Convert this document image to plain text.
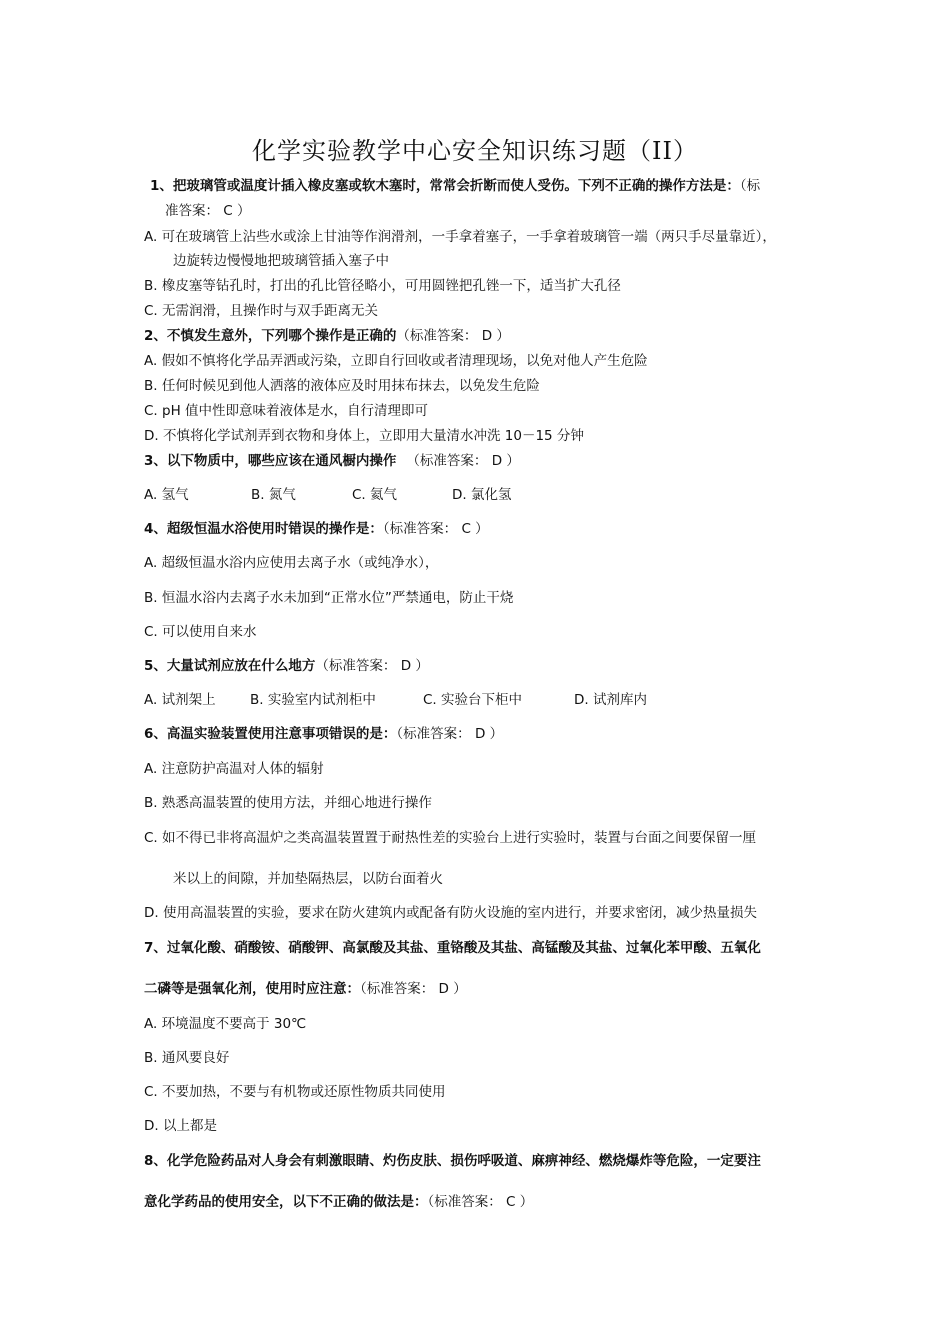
化学实验教学中心安全知识练习题（II）
1、把玻璃管或温度计插入橡皮塞或软木塞时，常常会折断而使人受伤。下列不正确的操作方法是：（标
准答案： C ）
A. 可在玻璃管上沾些水或涂上甘油等作润滑剂，一手拿着塞子，一手拿着玻璃管一端（两只手尽量靠近），
边旋转边慢慢地把玻璃管插入塞子中
B. 橡皮塞等钻孔时，打出的孔比管径略小，可用圆锉把孔锉一下，适当扩大孔径
C. 无需润滑，且操作时与双手距离无关
2、不慎发生意外，下列哪个操作是正确的（标准答案： D ）
A. 假如不慎将化学品弄洒或污染，立即自行回收或者清理现场，以免对他人产生危险
B. 任何时候见到他人洒落的液体应及时用抹布抹去，以免发生危险
C. pH 值中性即意味着液体是水，自行清理即可
D. 不慎将化学试剂弄到衣物和身体上，立即用大量清水冲洗 10－15 分钟
3、以下物质中，哪些应该在通风橱内操作 （标准答案： D ）
A. 氢气	B. 氮气	C. 氦气	D. 氯化氢
4、超级恒温水浴使用时错误的操作是：（标准答案： C ）
A. 超级恒温水浴内应使用去离子水（或纯净水），
B. 恒温水浴内去离子水未加到“正常水位”严禁通电，防止干烧
C. 可以使用自来水
5、大量试剂应放在什么地方（标准答案： D ）
A. 试剂架上	B. 实验室内试剂柜中	C. 实验台下柜中	D. 试剂库内
6、高温实验装置使用注意事项错误的是：（标准答案： D ）
A. 注意防护高温对人体的辐射
B. 熟悉高温装置的使用方法，并细心地进行操作
C. 如不得已非将高温炉之类高温装置置于耐热性差的实验台上进行实验时，装置与台面之间要保留一厘
米以上的间隙，并加垫隔热层，以防台面着火
D. 使用高温装置的实验，要求在防火建筑内或配备有防火设施的室内进行，并要求密闭，减少热量损失
7、过氧化酸、硝酸铵、硝酸钾、高氯酸及其盐、重铬酸及其盐、高锰酸及其盐、过氧化苯甲酸、五氧化
二磷等是强氧化剂，使用时应注意：（标准答案： D ）
A. 环境温度不要高于 30℃
B. 通风要良好
C. 不要加热，不要与有机物或还原性物质共同使用
D. 以上都是
8、化学危险药品对人身会有刺激眼睛、灼伤皮肤、损伤呼吸道、麻痹神经、燃烧爆炸等危险，一定要注
意化学药品的使用安全，以下不正确的做法是：（标准答案： C ）
